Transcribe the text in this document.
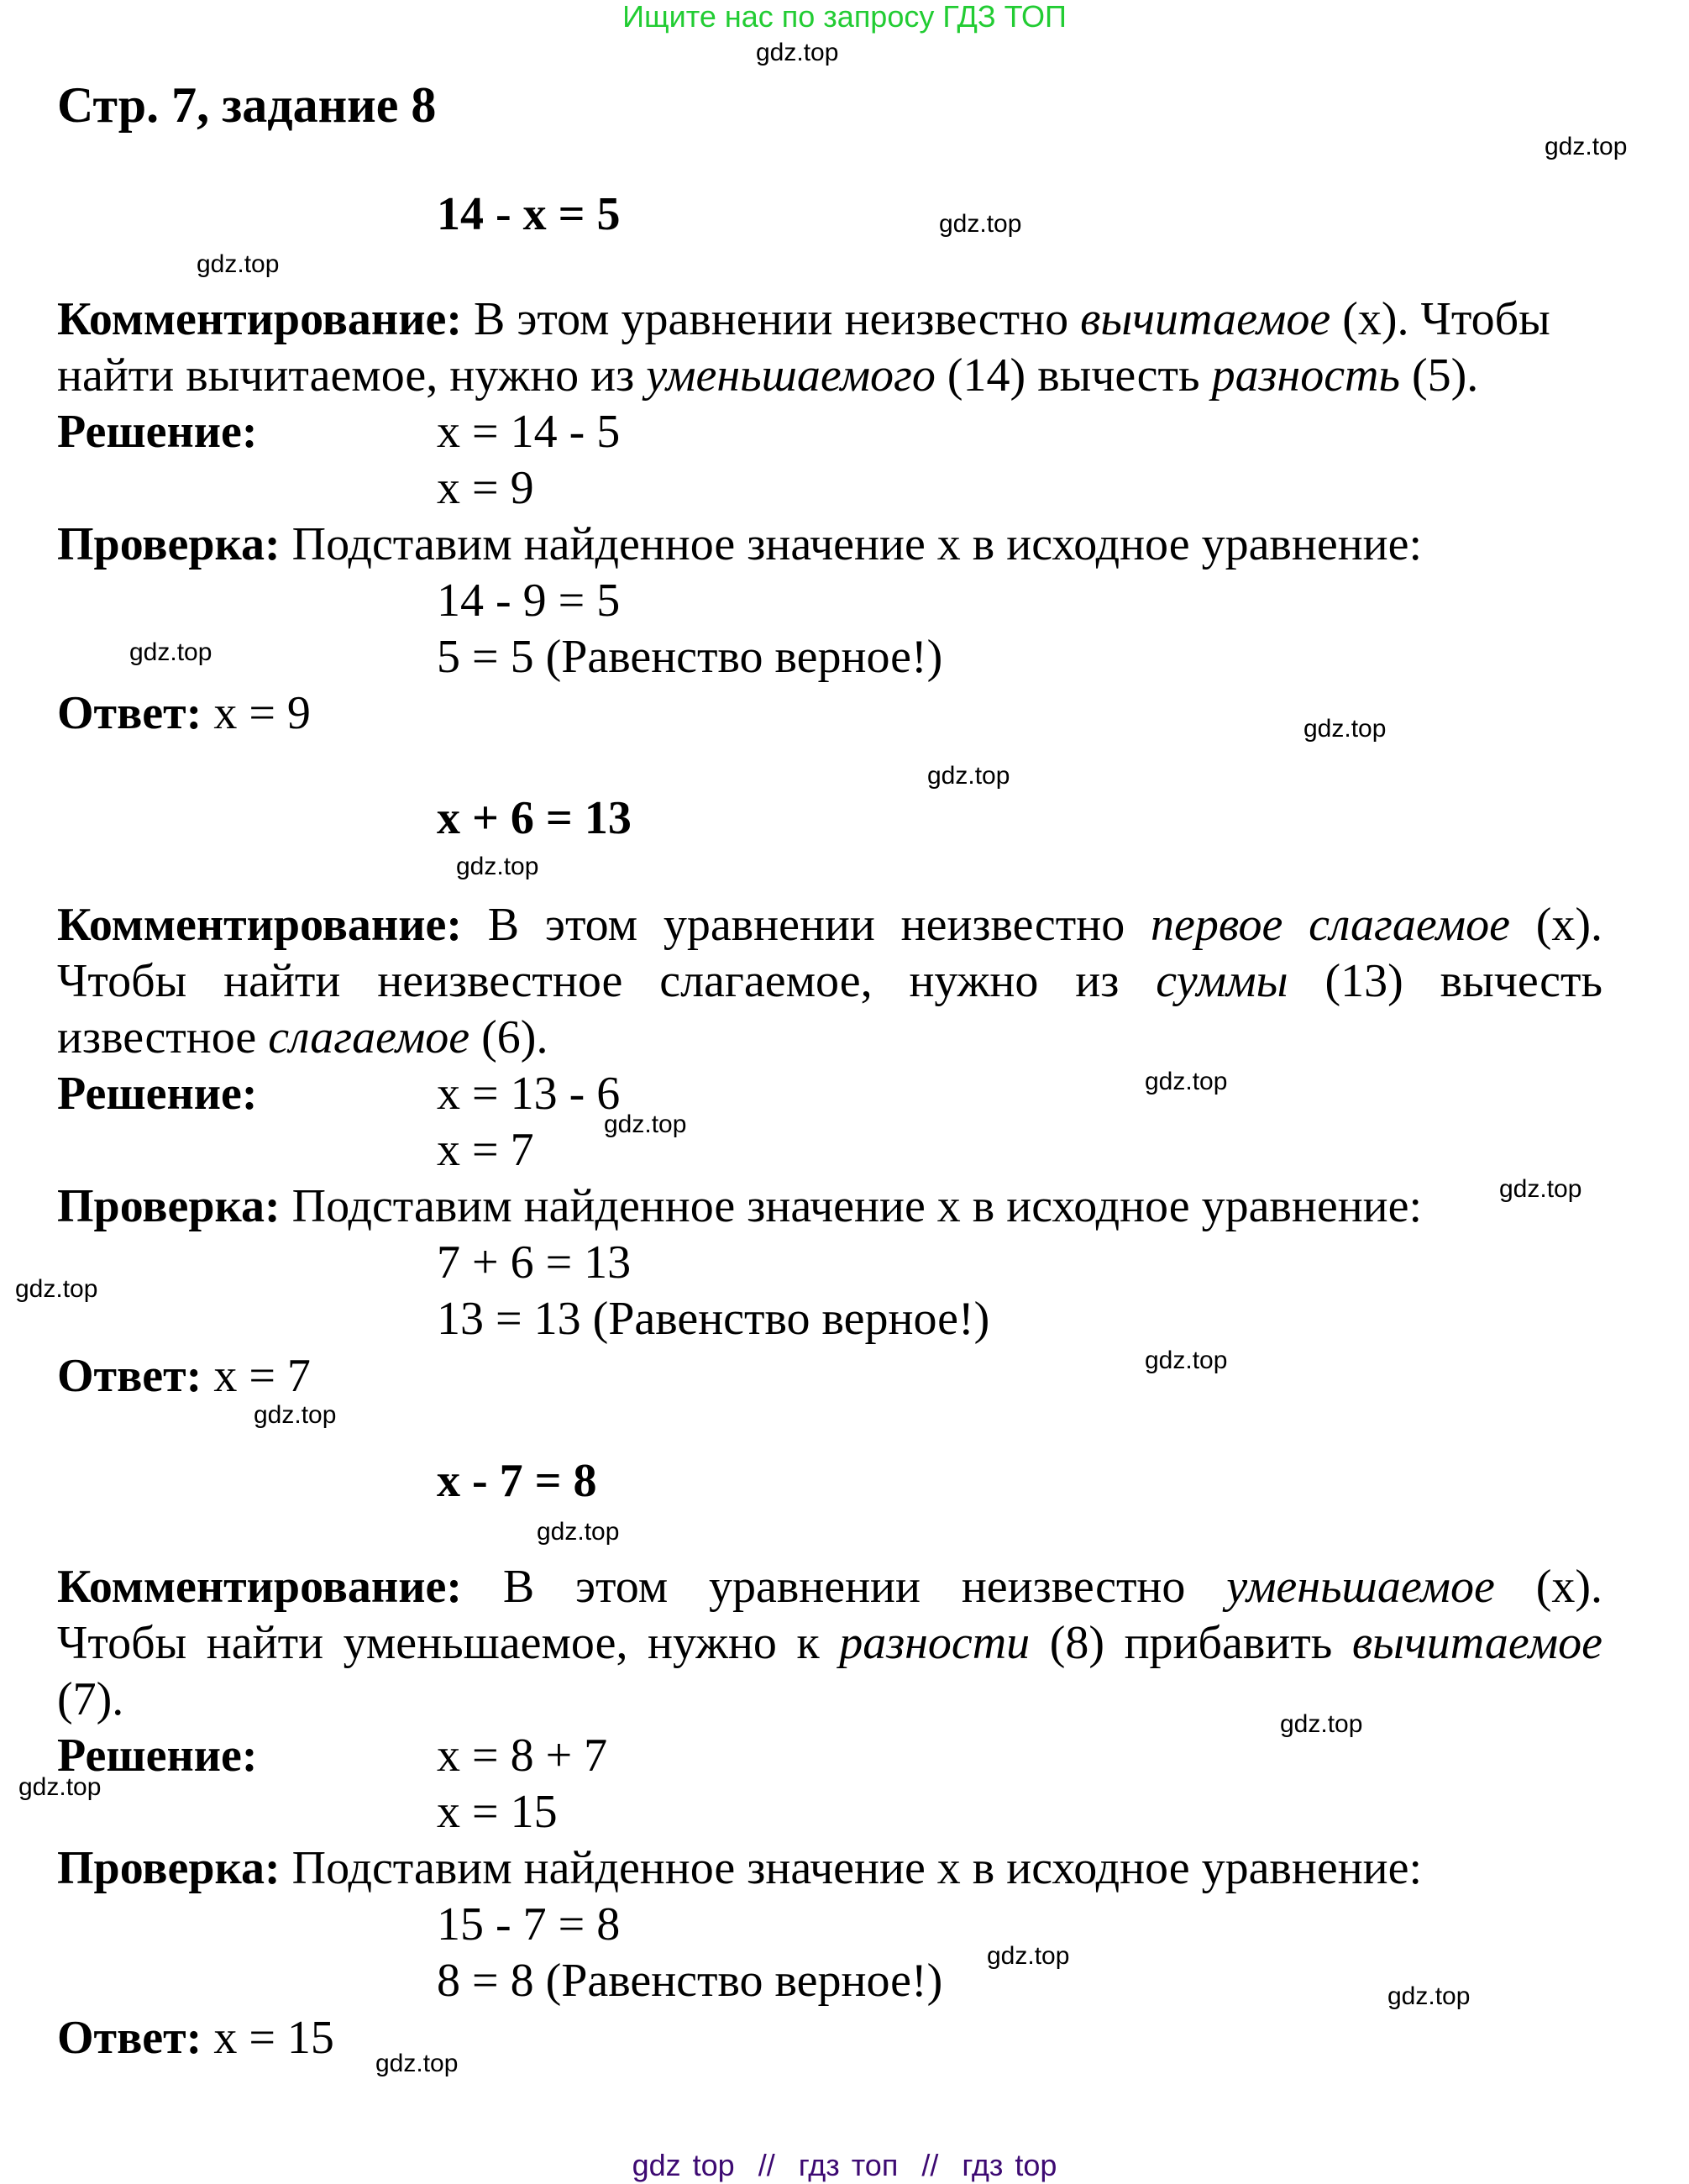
Ищите нас по запросу ГДЗ ТОП
Стр. 7, задание 8
14 - x = 5
Комментирование: В этом уравнении неизвестно вычитаемое (x). Чтобы
найти вычитаемое, нужно из уменьшаемого (14) вычесть разность (5).
Решение:	x = 14 - 5
x = 9
Проверка: Подставим найденное значение x в исходное уравнение:
14 - 9 = 5
5 = 5 (Равенство верное!)
Ответ: x = 9
x + 6 = 13
Комментирование: В этом уравнении неизвестно первое слагаемое (x).
Чтобы найти неизвестное слагаемое, нужно из суммы (13) вычесть
известное слагаемое (6).
Решение:	x = 13 - 6
x = 7
Проверка: Подставим найденное значение x в исходное уравнение:
7 + 6 = 13
13 = 13 (Равенство верное!)
Ответ: x = 7
x - 7 = 8
Комментирование: В этом уравнении неизвестно уменьшаемое (x).
Чтобы найти уменьшаемое, нужно к разности (8) прибавить вычитаемое
(7).
Решение:	x = 8 + 7
x = 15
Проверка: Подставим найденное значение x в исходное уравнение:
15 - 7 = 8
8 = 8 (Равенство верное!)
Ответ: x = 15
gdz.top
gdz.top
gdz.top
gdz.top
gdz.top
gdz.top
gdz.top
gdz.top
gdz.top
gdz.top
gdz.top
gdz.top
gdz.top
gdz.top
gdz.top
gdz.top
gdz.top
gdz.top
gdz.top
gdz.top
gdz top  //  гдз топ  //  гдз top
